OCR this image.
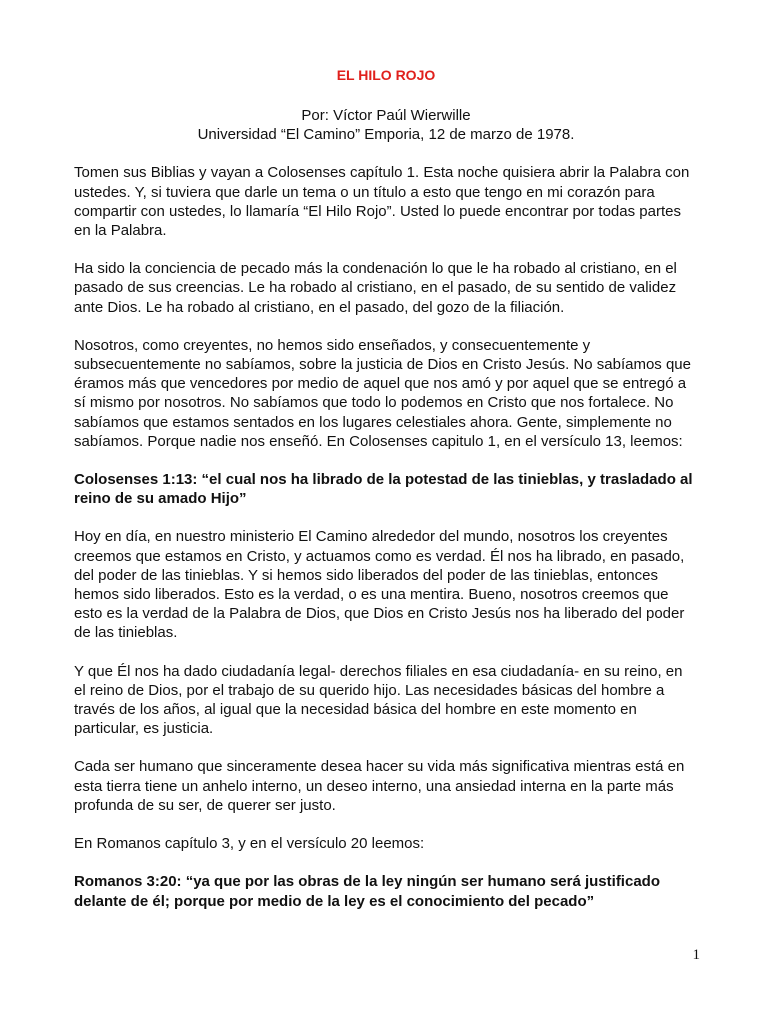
EL HILO ROJO

Por: Víctor Paúl Wierwille

Universidad “El Camino” Emporia, 12 de marzo de 1978.

Tomen sus Biblias y vayan a Colosenses capítulo 1. Esta noche quisiera abrir la Palabra con ustedes. Y, si tuviera que darle un tema o un título a esto que tengo en mi corazón para compartir con ustedes, lo llamaría “El Hilo Rojo”. Usted lo puede encontrar por todas partes en la Palabra.

Ha sido la conciencia de pecado más la condenación lo que le ha robado al cristiano, en el pasado de sus creencias. Le ha robado al cristiano, en el pasado, de su sentido de validez ante Dios. Le ha robado al cristiano, en el pasado, del gozo de la filiación.

Nosotros, como creyentes, no hemos sido enseñados, y consecuentemente y subsecuentemente no sabíamos, sobre la justicia de Dios en Cristo Jesús. No sabíamos que éramos más que vencedores por medio de aquel que nos amó y por aquel que se entregó a sí mismo por nosotros. No sabíamos que todo lo podemos en Cristo que nos fortalece. No sabíamos que estamos sentados en los lugares celestiales ahora. Gente, simplemente no sabíamos. Porque nadie nos enseñó. En Colosenses capitulo 1, en el versículo 13, leemos:

Colosenses 1:13: “el cual nos ha librado de la potestad de las tinieblas, y trasladado al reino de su amado Hijo”

Hoy en día, en nuestro ministerio El Camino alrededor del mundo, nosotros los creyentes creemos que estamos en Cristo, y actuamos como es verdad. Él nos ha librado, en pasado, del poder de las tinieblas. Y si hemos sido liberados del poder de las tinieblas, entonces hemos sido liberados. Esto es la verdad, o es una mentira. Bueno, nosotros creemos que esto es la verdad de la Palabra de Dios, que Dios en Cristo Jesús nos ha liberado del poder de las tinieblas.

Y que Él nos ha dado ciudadanía legal- derechos filiales en esa ciudadanía- en su reino, en el reino de Dios, por el trabajo de su querido hijo. Las necesidades básicas del hombre a través de los años, al igual que la necesidad básica del hombre en este momento en particular, es justicia.

Cada ser humano que sinceramente desea hacer su vida más significativa mientras está en esta tierra tiene un anhelo interno, un deseo interno, una ansiedad interna en la parte más profunda de su ser, de querer ser justo.

En Romanos capítulo 3, y en el versículo 20 leemos:

Romanos 3:20: “ya que por las obras de la ley ningún ser humano será justificado delante de él; porque por medio de la ley es el conocimiento del pecado”

1
